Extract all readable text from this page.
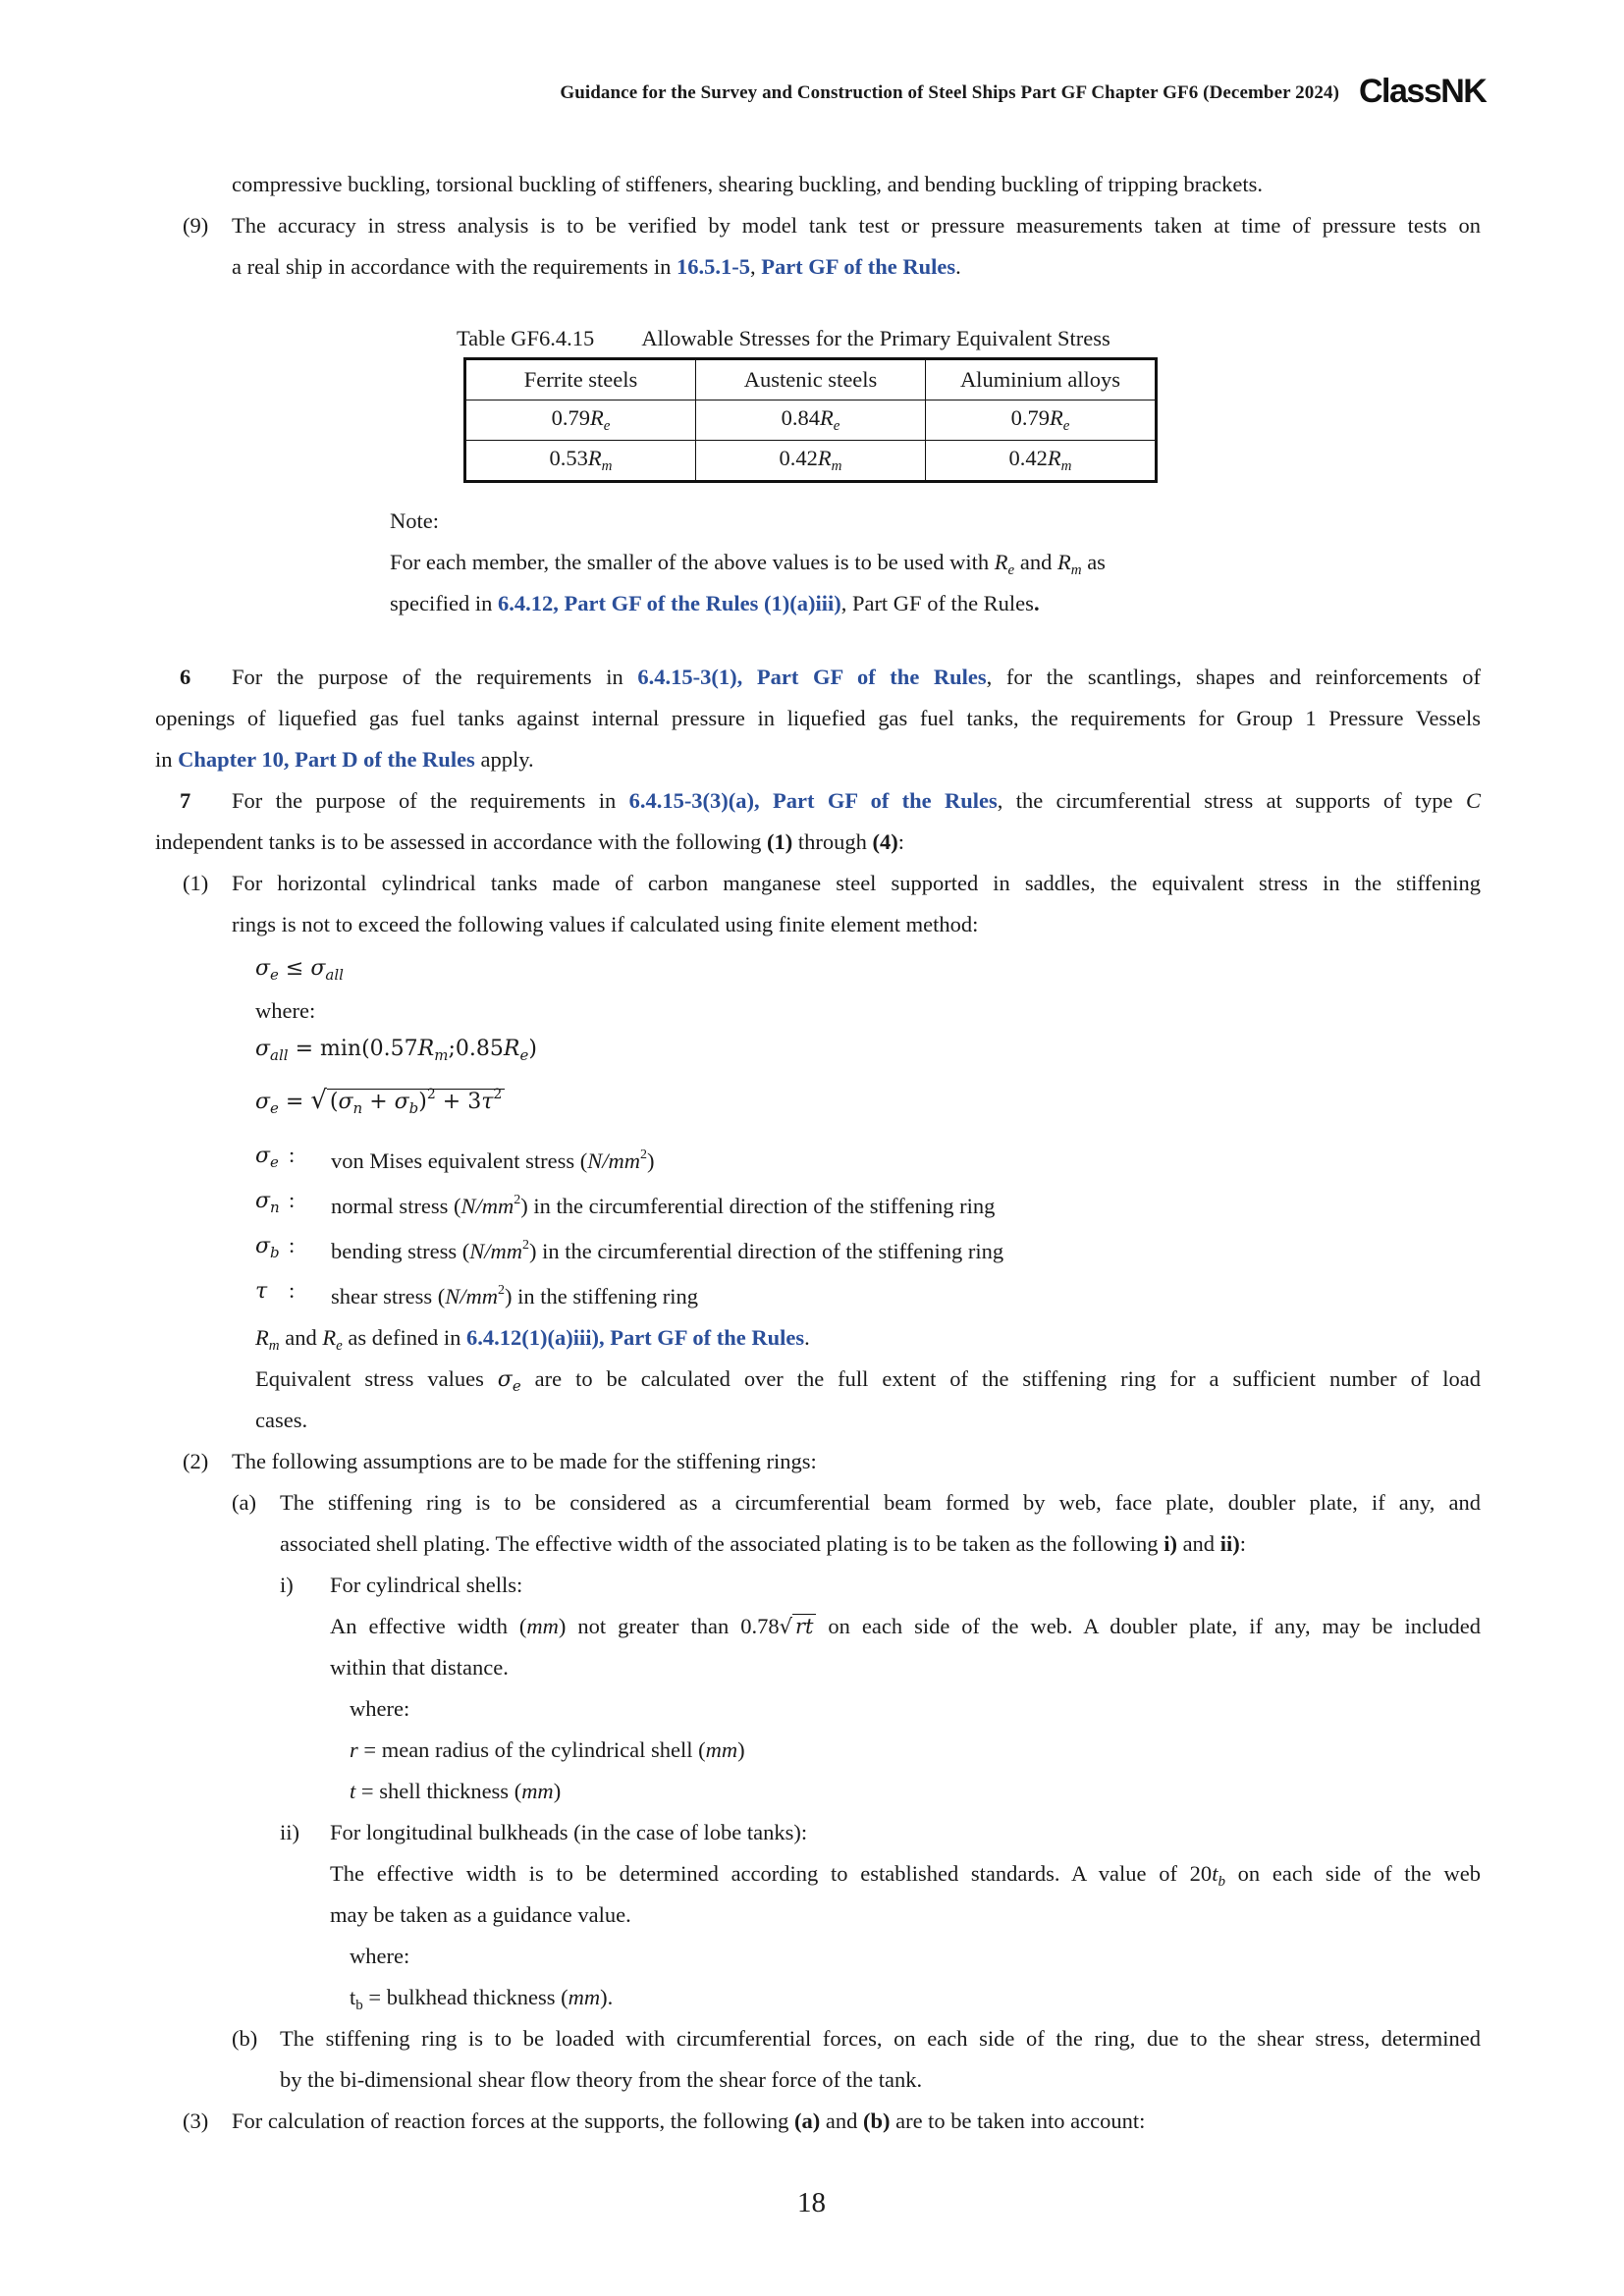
Guidance for the Survey and Construction of Steel Ships Part GF Chapter GF6 (December 2024) ClassNK
compressive buckling, torsional buckling of stiffeners, shearing buckling, and bending buckling of tripping brackets.
(9) The accuracy in stress analysis is to be verified by model tank test or pressure measurements taken at time of pressure tests on
a real ship in accordance with the requirements in 16.5.1-5, Part GF of the Rules.
Table GF6.4.15 Allowable Stresses for the Primary Equivalent Stress
Ferrite steels	Austenic steels	Aluminium alloys
$0.79R_e$	$0.84R_e$	$0.79R_e$
$0.53R_m$	$0.42R_m$	$0.42R_m$
Note:
For each member, the smaller of the above values is to be used with $R_e$ and $R_m$ as
specified in 6.4.12, Part GF of the Rules (1)(a)iii), Part GF of the Rules.
6 For the purpose of the requirements in 6.4.15-3(1), Part GF of the Rules, for the scantlings, shapes and reinforcements of
openings of liquefied gas fuel tanks against internal pressure in liquefied gas fuel tanks, the requirements for Group 1 Pressure Vessels
in Chapter 10, Part D of the Rules apply.
7 For the purpose of the requirements in 6.4.15-3(3)(a), Part GF of the Rules, the circumferential stress at supports of type C
independent tanks is to be assessed in accordance with the following (1) through (4):
(1) For horizontal cylindrical tanks made of carbon manganese steel supported in saddles, the equivalent stress in the stiffening
rings is not to exceed the following values if calculated using finite element method:
$\sigma_e \le \sigma_{all}$
where:
$\sigma_{all}$ = $\min(0.57R_m;0.85R_e)$
$\sigma_e$ = √ $(\sigma_n + \sigma_b)^2 + 3\tau^2$
$\sigma_e$ : von Mises equivalent stress $(N/mm^2)$
$\sigma_n$ : normal stress $(N/mm^2)$ in the circumferential direction of the stiffening ring
$\sigma_b$ : bending stress $(N/mm^2)$ in the circumferential direction of the stiffening ring
τ : shear stress $(N/mm^2)$ in the stiffening ring
$R_m$ and $R_e$ as defined in 6.4.12(1)(a)iii), Part GF of the Rules.
Equivalent stress values $\sigma_e$ are to be calculated over the full extent of the stiffening ring for a sufficient number of load
cases.
(2) The following assumptions are to be made for the stiffening rings:
(a) The stiffening ring is to be considered as a circumferential beam formed by web, face plate, doubler plate, if any, and
associated shell plating. The effective width of the associated plating is to be taken as the following i) and ii):
i) For cylindrical shells:
An effective width (mm) not greater than 0.78√ rt on each side of the web. A doubler plate, if any, may be included
within that distance.
where:
r = mean radius of the cylindrical shell (mm)
t = shell thickness (mm)
ii) For longitudinal bulkheads (in the case of lobe tanks):
The effective width is to be determined according to established standards. A value of $20t_b$ on each side of the web
may be taken as a guidance value.
where:
$t_b$ = bulkhead thickness (mm).
(b) The stiffening ring is to be loaded with circumferential forces, on each side of the ring, due to the shear stress, determined
by the bi-dimensional shear flow theory from the shear force of the tank.
(3) For calculation of reaction forces at the supports, the following (a) and (b) are to be taken into account:
18
